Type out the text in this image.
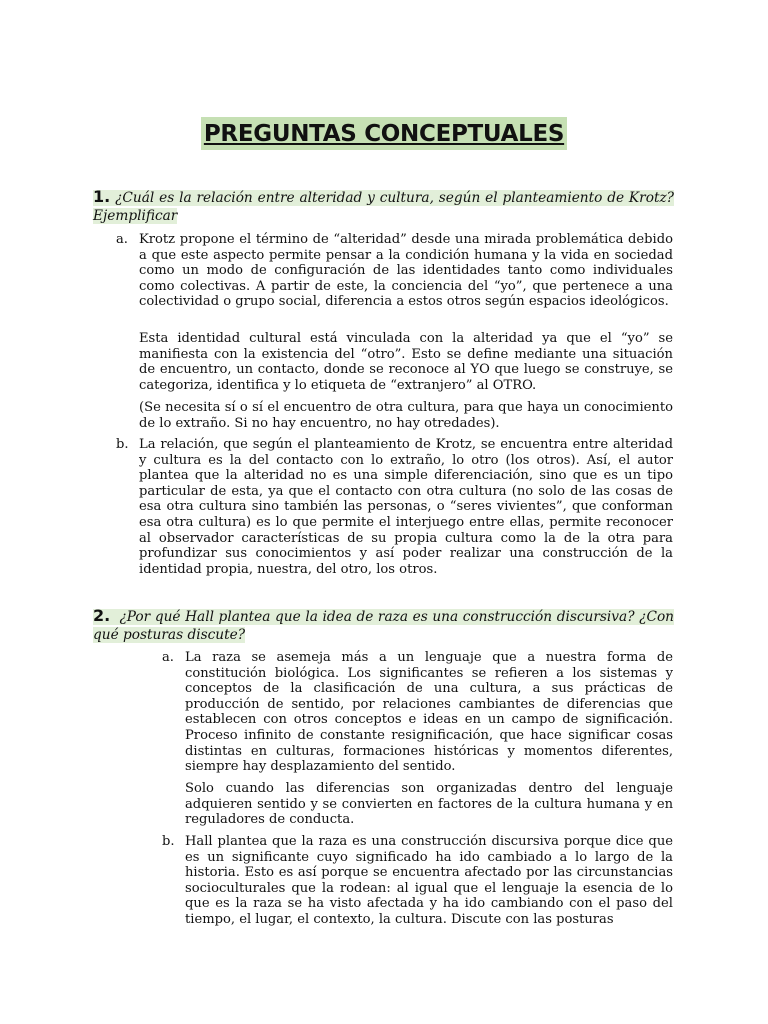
PREGUNTAS CONCEPTUALES
1. ¿Cuál es la relación entre alteridad y cultura, según el planteamiento de Krotz? Ejemplificar
a. Krotz propone el término de “alteridad” desde una mirada problemática debido a que este aspecto permite pensar a la condición humana y la vida en sociedad como un modo de configuración de las identidades tanto como individuales como colectivas. A partir de este, la conciencia del “yo”, que pertenece a una colectividad o grupo social, diferencia a estos otros según espacios ideológicos.
Esta identidad cultural está vinculada con la alteridad ya que el “yo” se manifiesta con la existencia del “otro”. Esto se define mediante una situación de encuentro, un contacto, donde se reconoce al YO que luego se construye, se categoriza, identifica y lo etiqueta de “extranjero” al OTRO.
(Se necesita sí o sí el encuentro de otra cultura, para que haya un conocimiento de lo extraño. Si no hay encuentro, no hay otredades).
b. La relación, que según el planteamiento de Krotz, se encuentra entre alteridad y cultura es la del contacto con lo extraño, lo otro (los otros). Así, el autor plantea que la alteridad no es una simple diferenciación, sino que es un tipo particular de esta, ya que el contacto con otra cultura (no solo de las cosas de esa otra cultura sino también las personas, o “seres vivientes”, que conforman esa otra cultura) es lo que permite el interjuego entre ellas, permite reconocer al observador características de su propia cultura como la de la otra para profundizar sus conocimientos y así poder realizar una construcción de la identidad propia, nuestra, del otro, los otros.
2. ¿Por qué Hall plantea que la idea de raza es una construcción discursiva? ¿Con qué posturas discute?
a. La raza se asemeja más a un lenguaje que a nuestra forma de constitución biológica. Los significantes se refieren a los sistemas y conceptos de la clasificación de una cultura, a sus prácticas de producción de sentido, por relaciones cambiantes de diferencias que establecen con otros conceptos e ideas en un campo de significación. Proceso infinito de constante resignificación, que hace significar cosas distintas en culturas, formaciones históricas y momentos diferentes, siempre hay desplazamiento del sentido.
Solo cuando las diferencias son organizadas dentro del lenguaje adquieren sentido y se convierten en factores de la cultura humana y en reguladores de conducta.
b. Hall plantea que la raza es una construcción discursiva porque dice que es un significante cuyo significado ha ido cambiado a lo largo de la historia. Esto es así porque se encuentra afectado por las circunstancias socioculturales que la rodean: al igual que el lenguaje la esencia de lo que es la raza se ha visto afectada y ha ido cambiando con el paso del tiempo, el lugar, el contexto, la cultura. Discute con las posturas
